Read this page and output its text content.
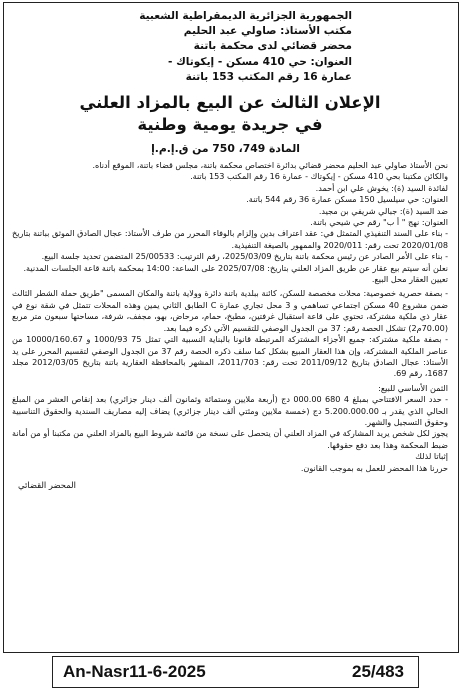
الجمهورية الجزائرية الديمقراطية الشعبية

مكتب الأستاذ: صاولي عبد الحليم

محضر قضائي لدى محكمة باتنة

العنوان: حي 410 مسكن - إيكوتاك -

عمارة 16 رقم المكتب 153 باتنة

الإعلان الثالث عن البيع بالمزاد العلني في جريدة يومية وطنية

المادة 749، 750 من ق.إ.م.إ

نحن الأستاذ صاولي عبد الحليم محضر قضائي بدائرة اختصاص محكمة باتنة، مجلس قضاء باتنة، الموقع أدناه.

والكائن مكتبنا بحي 410 مسكن - إيكوتاك - عمارة 16 رقم المكتب 153 باتنة.

لفائدة السيد (ة): يخوش علي ابن أحمد.

العنوان: حي سيلسيل 150 مسكن عمارة 36 رقم 544 باتنة.

ضد السيد (ة): جبالي شريفي بن مجيد.

العنوان: نهج " أ ب" رقم حي شيحي باتنة.

- بناء على السند التنفيذي المتمثل في: عقد اعتراف بدين وإلزام بالوفاء المحرر من طرف الأستاذ: عجال الصادق الموثق بباتنة بتاريخ 2020/01/08 تحت رقم: 2020/011 والممهور بالصيغة التنفيذية.

- بناء على الأمر الصادر عن رئيس محكمة باتنة بتاريخ 2025/03/09، رقم الترتيب: 25/00533 المتضمن تحديد جلسة البيع.

نعلن أنه سيتم بيع عقار عن طريق المزاد العلني بتاريخ: 2025/07/08 على الساعة: 14:00 بمحكمة باتنة قاعة الجلسات المدنية.

تعيين العقار محل البيع.

- بصفة حصرية خصوصية: محلات مخصصة للسكن، كائنة ببلدية باتنة دائرة وولاية باتنة والمكان المسمى "طريق حملة الشطر الثالث ضمن مشروع 40 مسكن اجتماعي تساهمي و 3 محل تجاري عمارة C الطابق الثاني يمين وهذه المحلات تتمثل في شقة نوع في عقار ذي ملكية مشتركة، تحتوي على قاعة استقبال غرفتين، مطبخ، حمام، مرحاض، بهو، مجفف، شرفة، مساحتها سبعون متر مربع (70.00م2) تشكل الحصة رقم: 37 من الجدول الوصفي للتقسيم الآتي ذكره فيما بعد.

- بصفة ملكية مشتركة: جميع الأجزاء المشتركة المرتبطة قانونا بالبناية النسبية التي تمثل 75 1000/93 و 10000/160.67 من عناصر الملكية المشتركة، وإن هذا العقار المبيع بشكل كما سلف ذكره الحصة رقم 37 من الجدول الوصفي لتقسيم المحرر على يد الأستاذ: عجال الصادق بتاريخ 2011/09/12 تحت رقم: 2011/703، المشهر بالمحافظة العقارية باتنة بتاريخ 2012/03/05 مجلد 1687، رقم 69.

الثمن الأساسي للبيع:

- حدد السعر الافتتاحي بمبلغ 4 680 000.00 دج (أربعة ملايين وستمائة وثمانون ألف دينار جزائري) بعد إنقاص العشر من المبلغ الحالي الذي يقدر بـ 5.200.000.00 دج (خمسة ملايين ومئتي ألف دينار جزائري) يضاف إليه مصاريف السندية والحقوق التناسبية وحقوق التسجيل والشهر.

يجوز لكل شخص يريد المشاركة في المزاد العلني أن يتحصل على نسخة من قائمة شروط البيع بالمزاد العلني من مكتبنا أو من أمانة ضبط المحكمة وهذا بعد دفع حقوقها.

إثباتا لذلك

حررنا هذا المحضر للعمل به بموجب القانون.

المحضر القضائي
An-Nasr11-6-2025	25/483
